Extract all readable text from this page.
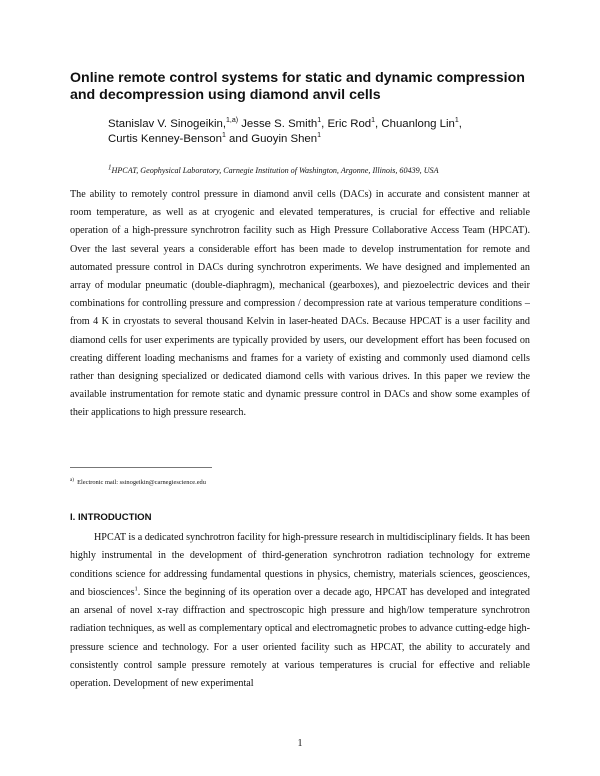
Online remote control systems for static and dynamic compression and decompression using diamond anvil cells
Stanislav V. Sinogeikin,$^{1,a)}$ Jesse S. Smith$^1$, Eric Rod$^1$, Chuanlong Lin$^1$,
Curtis Kenney-Benson$^1$ and Guoyin Shen$^1$
$^1$HPCAT, Geophysical Laboratory, Carnegie Institution of Washington, Argonne, Illinois, 60439, USA

The ability to remotely control pressure in diamond anvil cells (DACs) in accurate and consistent manner at room temperature, as well as at cryogenic and elevated temperatures, is crucial for effective and reliable operation of a high-pressure synchrotron facility such as High Pressure Collaborative Access Team (HPCAT). Over the last several years a considerable effort has been made to develop instrumentation for remote and automated pressure control in DACs during synchrotron experiments. We have designed and implemented an array of modular pneumatic (double-diaphragm), mechanical (gearboxes), and piezoelectric devices and their combinations for controlling pressure and compression / decompression rate at various temperature conditions – from 4 K in cryostats to several thousand Kelvin in laser-heated DACs. Because HPCAT is a user facility and diamond cells for user experiments are typically provided by users, our development effort has been focused on creating different loading mechanisms and frames for a variety of existing and commonly used diamond cells rather than designing specialized or dedicated diamond cells with various drives. In this paper we review the available instrumentation for remote static and dynamic pressure control in DACs and show some examples of their applications to high pressure research.

$^{a)}$ Electronic mail: ssinogeikin@carnegiescience.edu
I. INTRODUCTION

HPCAT is a dedicated synchrotron facility for high-pressure research in multidisciplinary fields. It has been highly instrumental in the development of third-generation synchrotron radiation technology for extreme conditions science for addressing fundamental questions in physics, chemistry, materials sciences, geosciences, and biosciences$^1$. Since the beginning of its operation over a decade ago, HPCAT has developed and integrated an arsenal of novel x-ray diffraction and spectroscopic high pressure and high/low temperature synchrotron radiation techniques, as well as complementary optical and electromagnetic probes to advance cutting-edge high-pressure science and technology. For a user oriented facility such as HPCAT, the ability to accurately and consistently control sample pressure remotely at various temperatures is crucial for effective and reliable operation. Development of new experimental

1
